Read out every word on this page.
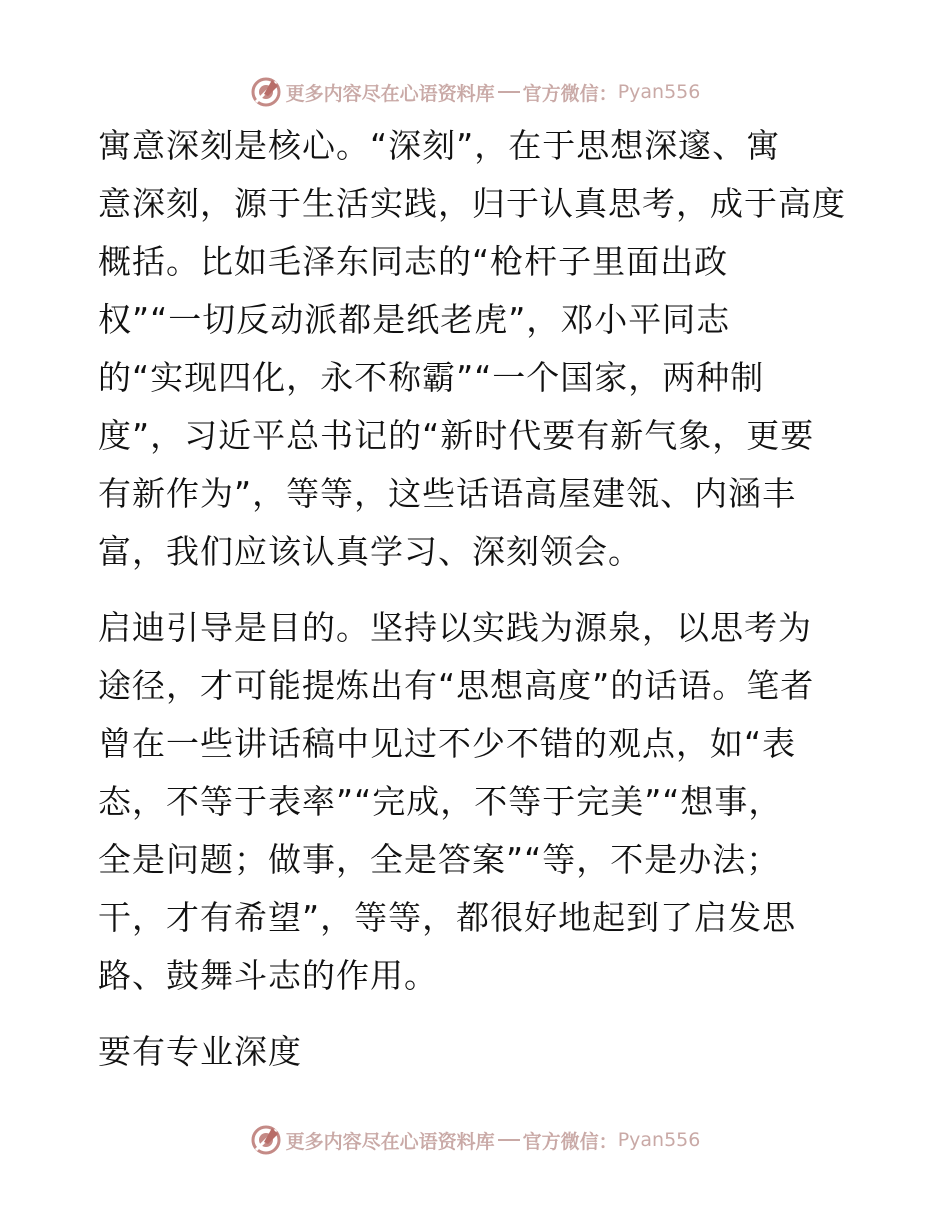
更多内容尽在心语资料库 官方微信： Pyan556

寓意深刻是核心。“深刻”，在于思想深邃、寓
意深刻，源于生活实践，归于认真思考，成于高度
概括。比如毛泽东同志的“枪杆子里面出政
权”“一切反动派都是纸老虎”，邓小平同志
的“实现四化，永不称霸”“一个国家，两种制
度”，习近平总书记的“新时代要有新气象，更要
有新作为”，等等，这些话语高屋建瓴、内涵丰
富，我们应该认真学习、深刻领会。

启迪引导是目的。坚持以实践为源泉，以思考为
途径，才可能提炼出有“思想高度”的话语。笔者
曾在一些讲话稿中见过不少不错的观点，如“表
态，不等于表率”“完成，不等于完美”“想事，
全是问题；做事，全是答案”“等，不是办法；
干，才有希望”，等等，都很好地起到了启发思
路、鼓舞斗志的作用。

要有专业深度

更多内容尽在心语资料库 官方微信： Pyan556
